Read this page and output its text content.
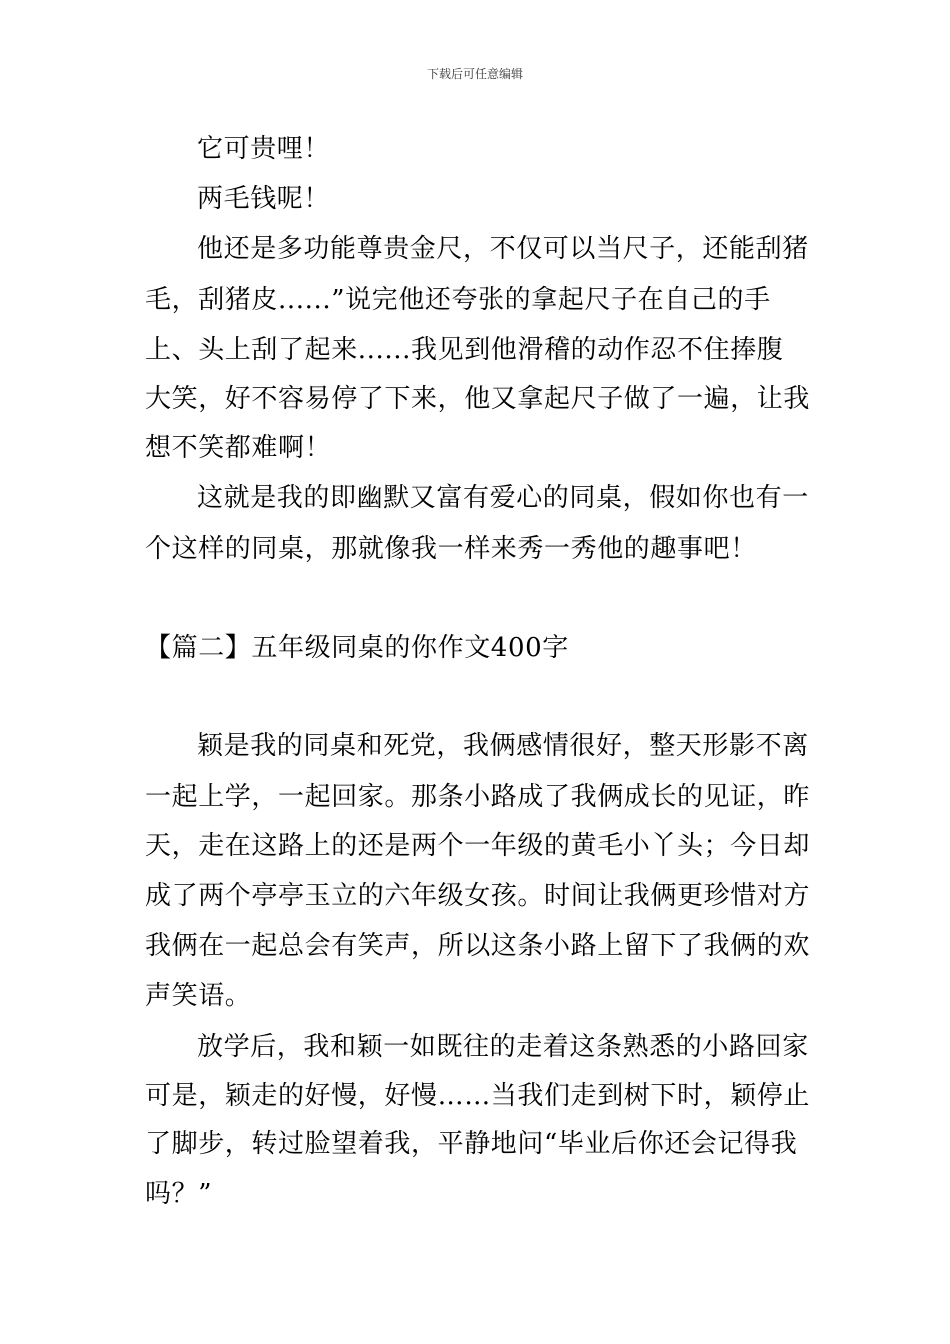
下载后可任意编辑
它可贵哩！
两毛钱呢！
他还是多功能尊贵金尺，不仅可以当尺子，还能刮猪
毛，刮猪皮......”说完他还夸张的拿起尺子在自己的手
上、头上刮了起来......我见到他滑稽的动作忍不住捧腹
大笑，好不容易停了下来，他又拿起尺子做了一遍，让我
想不笑都难啊！
这就是我的即幽默又富有爱心的同桌，假如你也有一
个这样的同桌，那就像我一样来秀一秀他的趣事吧！
【篇二】五年级同桌的你作文400字
颖是我的同桌和死党，我俩感情很好，整天形影不离
一起上学，一起回家。那条小路成了我俩成长的见证，昨
天，走在这路上的还是两个一年级的黄毛小丫头；今日却
成了两个亭亭玉立的六年级女孩。时间让我俩更珍惜对方
我俩在一起总会有笑声，所以这条小路上留下了我俩的欢
声笑语。
放学后，我和颖一如既往的走着这条熟悉的小路回家
可是，颖走的好慢，好慢……当我们走到树下时，颖停止
了脚步，转过脸望着我，平静地问“毕业后你还会记得我
吗？”
